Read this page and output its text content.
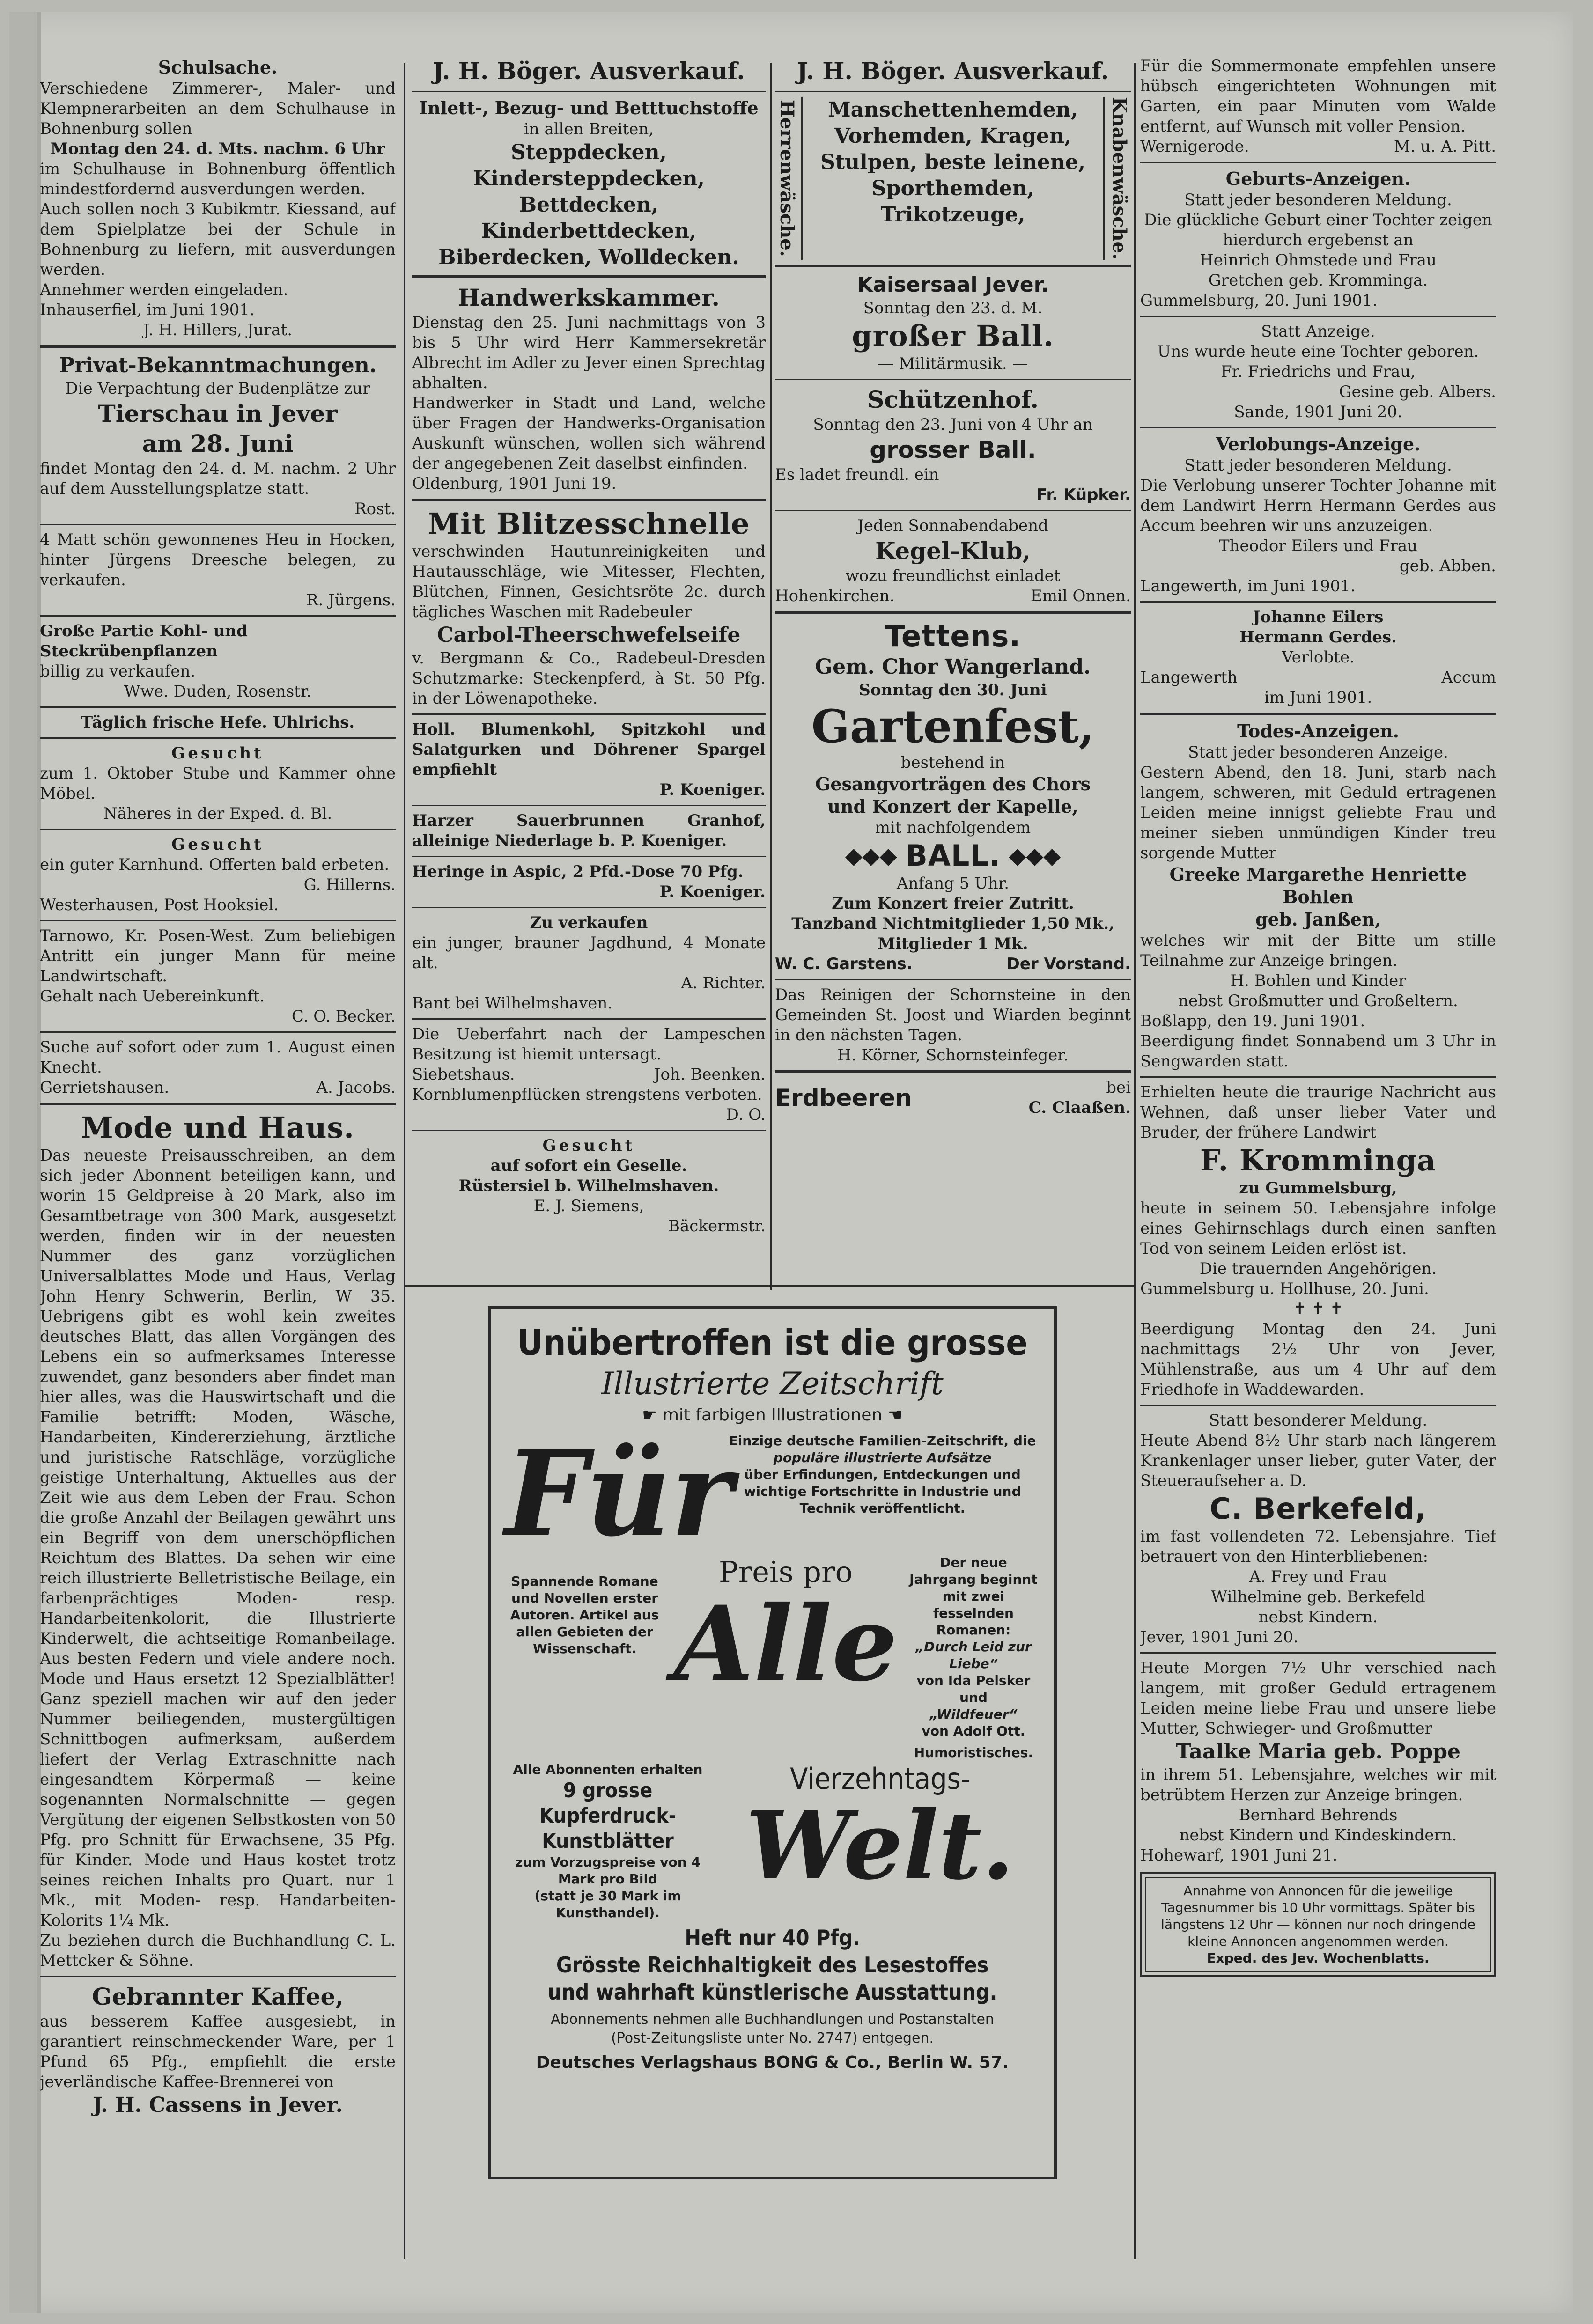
Schulsache.
Verschiedene Zimmerer-, Maler- und Klempnerarbeiten an dem Schulhause in Bohnenburg sollen
Montag den 24. d. Mts. nachm. 6 Uhr
im Schulhause in Bohnenburg öffentlich mindestfordernd ausverdungen werden.
Auch sollen noch 3 Kubikmtr. Kiessand, auf dem Spielplatze bei der Schule in Bohnenburg zu liefern, mit ausverdungen werden.
Annehmer werden eingeladen.
Inhauserfiel, im Juni 1901.
J. H. Hillers, Jurat.
Privat-Bekanntmachungen.
Die Verpachtung der Budenplätze zur
Tierschau in Jever
am 28. Juni
findet Montag den 24. d. M. nachm. 2 Uhr auf dem Ausstellungsplatze statt.
Rost.
4 Matt schön gewonnenes Heu in Hocken, hinter Jürgens Dreesche belegen, zu verkaufen.
R. Jürgens.
Große Partie Kohl- und Steckrübenpflanzen
billig zu verkaufen.
Wwe. Duden, Rosenstr.
Täglich frische Hefe. Uhlrichs.
Gesucht
zum 1. Oktober Stube und Kammer ohne Möbel.
Näheres in der Exped. d. Bl.
Gesucht
ein guter Karnhund. Offerten bald erbeten.
G. Hillerns.
Westerhausen, Post Hooksiel.
Tarnowo, Kr. Posen-West. Zum beliebigen Antritt ein junger Mann für meine Landwirtschaft.
Gehalt nach Uebereinkunft.
C. O. Becker.
Suche auf sofort oder zum 1. August einen Knecht.
Gerrietshausen.	A. Jacobs.
Mode und Haus.
Das neueste Preisausschreiben, an dem sich jeder Abonnent beteiligen kann, und worin 15 Geldpreise à 20 Mark, also im Gesamtbetrage von 300 Mark, ausgesetzt werden, finden wir in der neuesten Nummer des ganz vorzüglichen Universalblattes Mode und Haus, Verlag John Henry Schwerin, Berlin, W 35. Uebrigens gibt es wohl kein zweites deutsches Blatt, das allen Vorgängen des Lebens ein so aufmerksames Interesse zuwendet, ganz besonders aber findet man hier alles, was die Hauswirtschaft und die Familie betrifft: Moden, Wäsche, Handarbeiten, Kindererziehung, ärztliche und juristische Ratschläge, vorzügliche geistige Unterhaltung, Aktuelles aus der Zeit wie aus dem Leben der Frau. Schon die große Anzahl der Beilagen gewährt uns ein Begriff von dem unerschöpflichen Reichtum des Blattes. Da sehen wir eine reich illustrierte Belletristische Beilage, ein farbenprächtiges Moden- resp. Handarbeitenkolorit, die Illustrierte Kinderwelt, die achtseitige Romanbeilage. Aus besten Federn und viele andere noch. Mode und Haus ersetzt 12 Spezialblätter! Ganz speziell machen wir auf den jeder Nummer beiliegenden, mustergültigen Schnittbogen aufmerksam, außerdem liefert der Verlag Extraschnitte nach eingesandtem Körpermaß — keine sogenannten Normalschnitte — gegen Vergütung der eigenen Selbstkosten von 50 Pfg. pro Schnitt für Erwachsene, 35 Pfg. für Kinder. Mode und Haus kostet trotz seines reichen Inhalts pro Quart. nur 1 Mk., mit Moden- resp. Handarbeiten-Kolorits 1¼ Mk.
Zu beziehen durch die Buchhandlung C. L. Mettcker & Söhne.
Gebrannter Kaffee,
aus besserem Kaffee ausgesiebt, in garantiert reinschmeckender Ware, per 1 Pfund 65 Pfg., empfiehlt die erste jeverländische Kaffee-Brennerei von
J. H. Cassens in Jever.
J. H. Böger. Ausverkauf.
Inlett-, Bezug- und Betttuchstoffe
in allen Breiten,
Steppdecken, Kindersteppdecken,
Bettdecken, Kinderbettdecken,
Biberdecken, Wolldecken.
Handwerkskammer.
Dienstag den 25. Juni nachmittags von 3 bis 5 Uhr wird Herr Kammersekretär Albrecht im Adler zu Jever einen Sprechtag abhalten.
Handwerker in Stadt und Land, welche über Fragen der Handwerks-Organisation Auskunft wünschen, wollen sich während der angegebenen Zeit daselbst einfinden.
Oldenburg, 1901 Juni 19.
Mit Blitzesschnelle
verschwinden Hautunreinigkeiten und Hautausschläge, wie Mitesser, Flechten, Blütchen, Finnen, Gesichtsröte 2c. durch tägliches Waschen mit Radebeuler
Carbol-Theerschwefelseife
v. Bergmann & Co., Radebeul-Dresden Schutzmarke: Steckenpferd, à St. 50 Pfg. in der Löwenapotheke.
Holl. Blumenkohl, Spitzkohl und Salatgurken und Döhrener Spargel empfiehlt
P. Koeniger.
Harzer Sauerbrunnen Granhof, alleinige Niederlage b. P. Koeniger.
Heringe in Aspic, 2 Pfd.-Dose 70 Pfg.
P. Koeniger.
Zu verkaufen
ein junger, brauner Jagdhund, 4 Monate alt.
A. Richter.
Bant bei Wilhelmshaven.
Die Ueberfahrt nach der Lampeschen Besitzung ist hiemit untersagt.
Siebetshaus.	Joh. Beenken.
Kornblumenpflücken strengstens verboten.
D. O.
Gesucht
auf sofort ein Geselle.
Rüstersiel b. Wilhelmshaven.
E. J. Siemens,
Bäckermstr.
J. H. Böger. Ausverkauf.
Herrenwäsche.	Manschettenhemden,
Vorhemden, Kragen,
Stulpen, beste leinene,
Sporthemden,
Trikotzeuge,	Knabenwäsche.
Kaisersaal Jever.
Sonntag den 23. d. M.
großer Ball.
— Militärmusik. —
Schützenhof.
Sonntag den 23. Juni von 4 Uhr an
grosser Ball.
Es ladet freundl. ein
Fr. Küpker.
Jeden Sonnabendabend
Kegel-Klub,
wozu freundlichst einladet
Hohenkirchen.	Emil Onnen.
Tettens.
Gem. Chor Wangerland.
Sonntag den 30. Juni
Gartenfest,
bestehend in
Gesangvorträgen des Chors
und Konzert der Kapelle,
mit nachfolgendem
◆◆◆ BALL. ◆◆◆
Anfang 5 Uhr.
Zum Konzert freier Zutritt.
Tanzband Nichtmitglieder 1,50 Mk.,
Mitglieder 1 Mk.
W. C. Garstens.	Der Vorstand.
Das Reinigen der Schornsteine in den Gemeinden St. Joost und Wiarden beginnt in den nächsten Tagen.
H. Körner, Schornsteinfeger.
Erdbeeren	bei
C. Claaßen.
Für die Sommermonate empfehlen unsere hübsch eingerichteten Wohnungen mit Garten, ein paar Minuten vom Walde entfernt, auf Wunsch mit voller Pension.
Wernigerode.	M. u. A. Pitt.
Geburts-Anzeigen.
Statt jeder besonderen Meldung.
Die glückliche Geburt einer Tochter zeigen hierdurch ergebenst an
Heinrich Ohmstede und Frau
Gretchen geb. Kromminga.
Gummelsburg, 20. Juni 1901.
Statt Anzeige.
Uns wurde heute eine Tochter geboren.
Fr. Friedrichs und Frau,
Gesine geb. Albers.
Sande, 1901 Juni 20.
Verlobungs-Anzeige.
Statt jeder besonderen Meldung.
Die Verlobung unserer Tochter Johanne mit dem Landwirt Herrn Hermann Gerdes aus Accum beehren wir uns anzuzeigen.
Theodor Eilers und Frau
geb. Abben.
Langewerth, im Juni 1901.
Johanne Eilers
Hermann Gerdes.
Verlobte.
Langewerth	Accum
im Juni 1901.
Todes-Anzeigen.
Statt jeder besonderen Anzeige.
Gestern Abend, den 18. Juni, starb nach langem, schweren, mit Geduld ertragenen Leiden meine innigst geliebte Frau und meiner sieben unmündigen Kinder treu sorgende Mutter
Greeke Margarethe Henriette Bohlen
geb. Janßen,
welches wir mit der Bitte um stille Teilnahme zur Anzeige bringen.
H. Bohlen und Kinder
nebst Großmutter und Großeltern.
Boßlapp, den 19. Juni 1901.
Beerdigung findet Sonnabend um 3 Uhr in Sengwarden statt.
Erhielten heute die traurige Nachricht aus Wehnen, daß unser lieber Vater und Bruder, der frühere Landwirt
F. Kromminga
zu Gummelsburg,
heute in seinem 50. Lebensjahre infolge eines Gehirnschlags durch einen sanften Tod von seinem Leiden erlöst ist.
Die trauernden Angehörigen.
Gummelsburg u. Hollhuse, 20. Juni.
✝ ✝ ✝
Beerdigung Montag den 24. Juni nachmittags 2½ Uhr von Jever, Mühlenstraße, aus um 4 Uhr auf dem Friedhofe in Waddewarden.
Statt besonderer Meldung.
Heute Abend 8½ Uhr starb nach längerem Krankenlager unser lieber, guter Vater, der Steueraufseher a. D.
C. Berkefeld,
im fast vollendeten 72. Lebensjahre. Tief betrauert von den Hinterbliebenen:
A. Frey und Frau
Wilhelmine geb. Berkefeld
nebst Kindern.
Jever, 1901 Juni 20.
Heute Morgen 7½ Uhr verschied nach langem, mit großer Geduld ertragenem Leiden meine liebe Frau und unsere liebe Mutter, Schwieger- und Großmutter
Taalke Maria geb. Poppe
in ihrem 51. Lebensjahre, welches wir mit betrübtem Herzen zur Anzeige bringen.
Bernhard Behrends
nebst Kindern und Kindeskindern.
Hohewarf, 1901 Juni 21.
Annahme von Annoncen für die jeweilige Tagesnummer bis 10 Uhr vormittags. Später bis längstens 12 Uhr — können nur noch dringende kleine Annoncen angenommen werden.
Exped. des Jev. Wochenblatts.
Unübertroffen ist die grosse
Illustrierte Zeitschrift
☛ mit farbigen Illustrationen ☚
Für
Einzige deutsche Familien-Zeitschrift, die
populäre illustrierte Aufsätze
über Erfindungen, Entdeckungen und wichtige Fortschritte in Industrie und Technik veröffentlicht.
Spannende Romane und Novellen erster Autoren. Artikel aus allen Gebieten der Wissenschaft.
Preis pro
Alle
Der neue Jahrgang beginnt mit zwei fesselnden Romanen:
„Durch Leid zur Liebe“
von Ida Pelsker
und
„Wildfeuer“
von Adolf Ott.
Humoristisches.
Alle Abonnenten erhalten
9 grosse Kupferdruck-Kunstblätter
zum Vorzugspreise von 4 Mark pro Bild
(statt je 30 Mark im Kunsthandel).
Vierzehntags-
Welt.
Heft nur 40 Pfg.
Grösste Reichhaltigkeit des Lesestoffes
und wahrhaft künstlerische Ausstattung.
Abonnements nehmen alle Buchhandlungen und Postanstalten
(Post-Zeitungsliste unter No. 2747) entgegen.
Deutsches Verlagshaus BONG & Co., Berlin W. 57.
